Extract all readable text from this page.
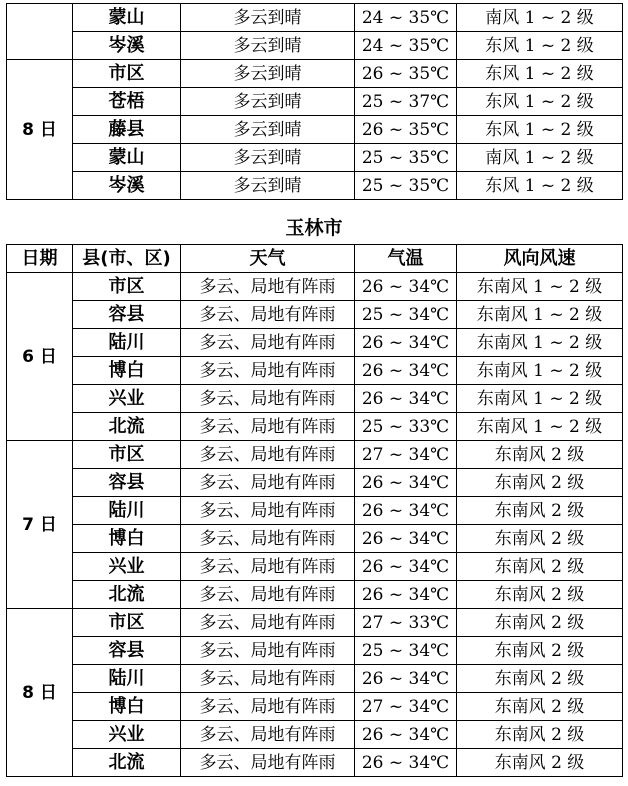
	蒙山	多云到晴	24 ~ 35℃	南风 1 ~ 2 级
	岑溪	多云到晴	24 ~ 35℃	东风 1 ~ 2 级
8 日	市区	多云到晴	26 ~ 35℃	东风 1 ~ 2 级
	苍梧	多云到晴	25 ~ 37℃	东风 1 ~ 2 级
	藤县	多云到晴	26 ~ 35℃	东风 1 ~ 2 级
	蒙山	多云到晴	25 ~ 35℃	南风 1 ~ 2 级
	岑溪	多云到晴	25 ~ 35℃	东风 1 ~ 2 级
玉林市
日期	县(市、区)	天气	气温	风向风速
6 日	市区	多云、局地有阵雨	26 ~ 34℃	东南风 1 ~ 2 级
	容县	多云、局地有阵雨	25 ~ 34℃	东南风 1 ~ 2 级
	陆川	多云、局地有阵雨	26 ~ 34℃	东南风 1 ~ 2 级
	博白	多云、局地有阵雨	26 ~ 34℃	东南风 1 ~ 2 级
	兴业	多云、局地有阵雨	26 ~ 34℃	东南风 1 ~ 2 级
	北流	多云、局地有阵雨	25 ~ 33℃	东南风 1 ~ 2 级
7 日	市区	多云、局地有阵雨	27 ~ 34℃	东南风 2 级
	容县	多云、局地有阵雨	26 ~ 34℃	东南风 2 级
	陆川	多云、局地有阵雨	26 ~ 34℃	东南风 2 级
	博白	多云、局地有阵雨	26 ~ 34℃	东南风 2 级
	兴业	多云、局地有阵雨	26 ~ 34℃	东南风 2 级
	北流	多云、局地有阵雨	26 ~ 34℃	东南风 2 级
8 日	市区	多云、局地有阵雨	27 ~ 33℃	东南风 2 级
	容县	多云、局地有阵雨	25 ~ 34℃	东南风 2 级
	陆川	多云、局地有阵雨	26 ~ 34℃	东南风 2 级
	博白	多云、局地有阵雨	27 ~ 34℃	东南风 2 级
	兴业	多云、局地有阵雨	26 ~ 34℃	东南风 2 级
	北流	多云、局地有阵雨	26 ~ 34℃	东南风 2 级
